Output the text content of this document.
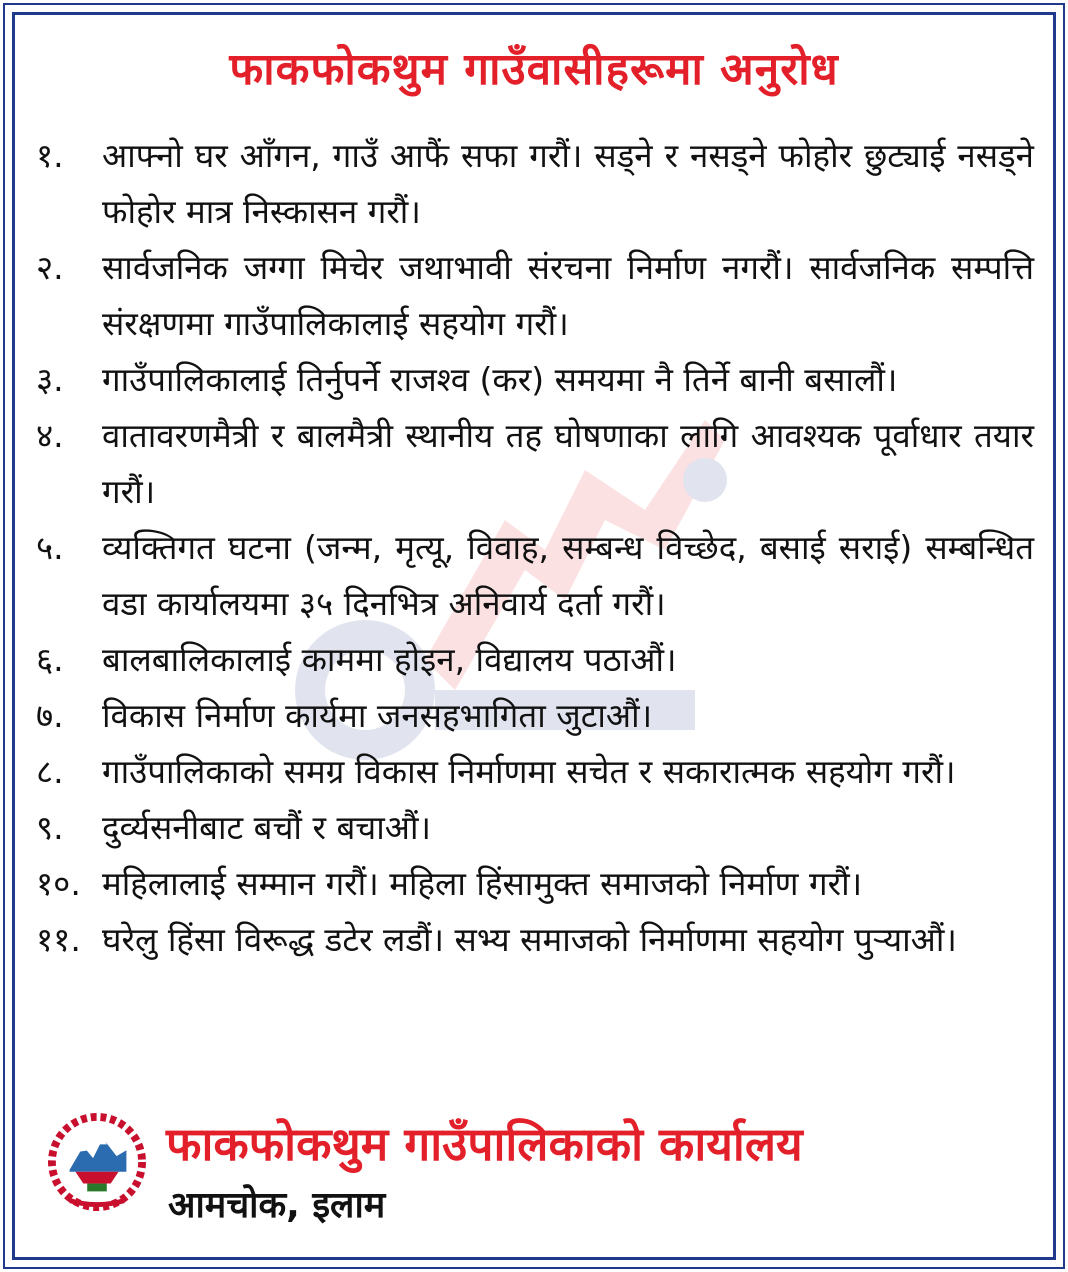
फाकफोकथुम गाउँवासीहरूमा अनुरोध
१.	आफ्नो घर आँगन, गाउँ आफैं सफा गरौं। सड्ने र नसड्ने फोहोर छुट्याई नसड्ने फोहोर मात्र निस्कासन गरौं।
२.	सार्वजनिक जग्गा मिचेर जथाभावी संरचना निर्माण नगरौं। सार्वजनिक सम्पत्ति संरक्षणमा गाउँपालिकालाई सहयोग गरौं।
३.	गाउँपालिकालाई तिर्नुपर्ने राजश्व (कर) समयमा नै तिर्ने बानी बसालौं।
४.	वातावरणमैत्री र बालमैत्री स्थानीय तह घोषणाका लागि आवश्यक पूर्वाधार तयार गरौं।
५.	व्यक्तिगत घटना (जन्म, मृत्यू, विवाह, सम्बन्ध विच्छेद, बसाई सराई) सम्बन्धित वडा कार्यालयमा ३५ दिनभित्र अनिवार्य दर्ता गरौं।
६.	बालबालिकालाई काममा होइन, विद्यालय पठाऔं।
७.	विकास निर्माण कार्यमा जनसहभागिता जुटाऔं।
८.	गाउँपालिकाको समग्र विकास निर्माणमा सचेत र सकारात्मक सहयोग गरौं।
९.	दुर्व्यसनीबाट बचौं र बचाऔं।
१०. महिलालाई सम्मान गरौं। महिला हिंसामुक्त समाजको निर्माण गरौं।
११. घरेलु हिंसा विरूद्ध डटेर लडौं। सभ्य समाजको निर्माणमा सहयोग पुर्‍याऔं।
फाकफोकथुम गाउँपालिकाको कार्यालय
आमचोक, इलाम
